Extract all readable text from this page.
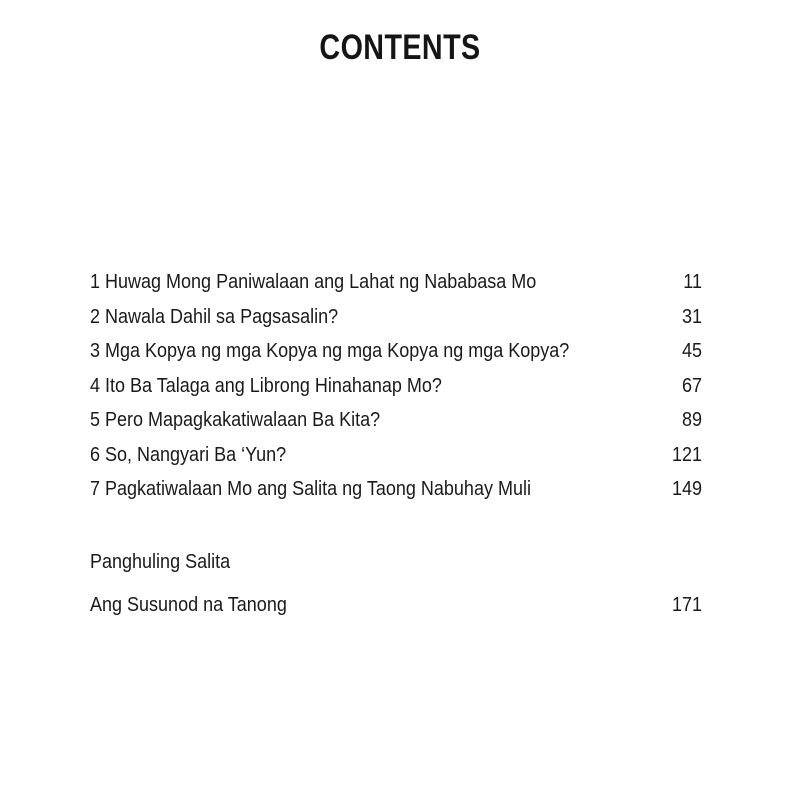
CONTENTS
1 Huwag Mong Paniwalaan ang Lahat ng Nababasa Mo	11
2 Nawala Dahil sa Pagsasalin?	31
3 Mga Kopya ng mga Kopya ng mga Kopya ng mga Kopya?	45
4 Ito Ba Talaga ang Librong Hinahanap Mo?	67
5 Pero Mapagkakatiwalaan Ba Kita?	89
6 So, Nangyari Ba ‘Yun?	121
7 Pagkatiwalaan Mo ang Salita ng Taong Nabuhay Muli	149
Panghuling Salita
Ang Susunod na Tanong	171
